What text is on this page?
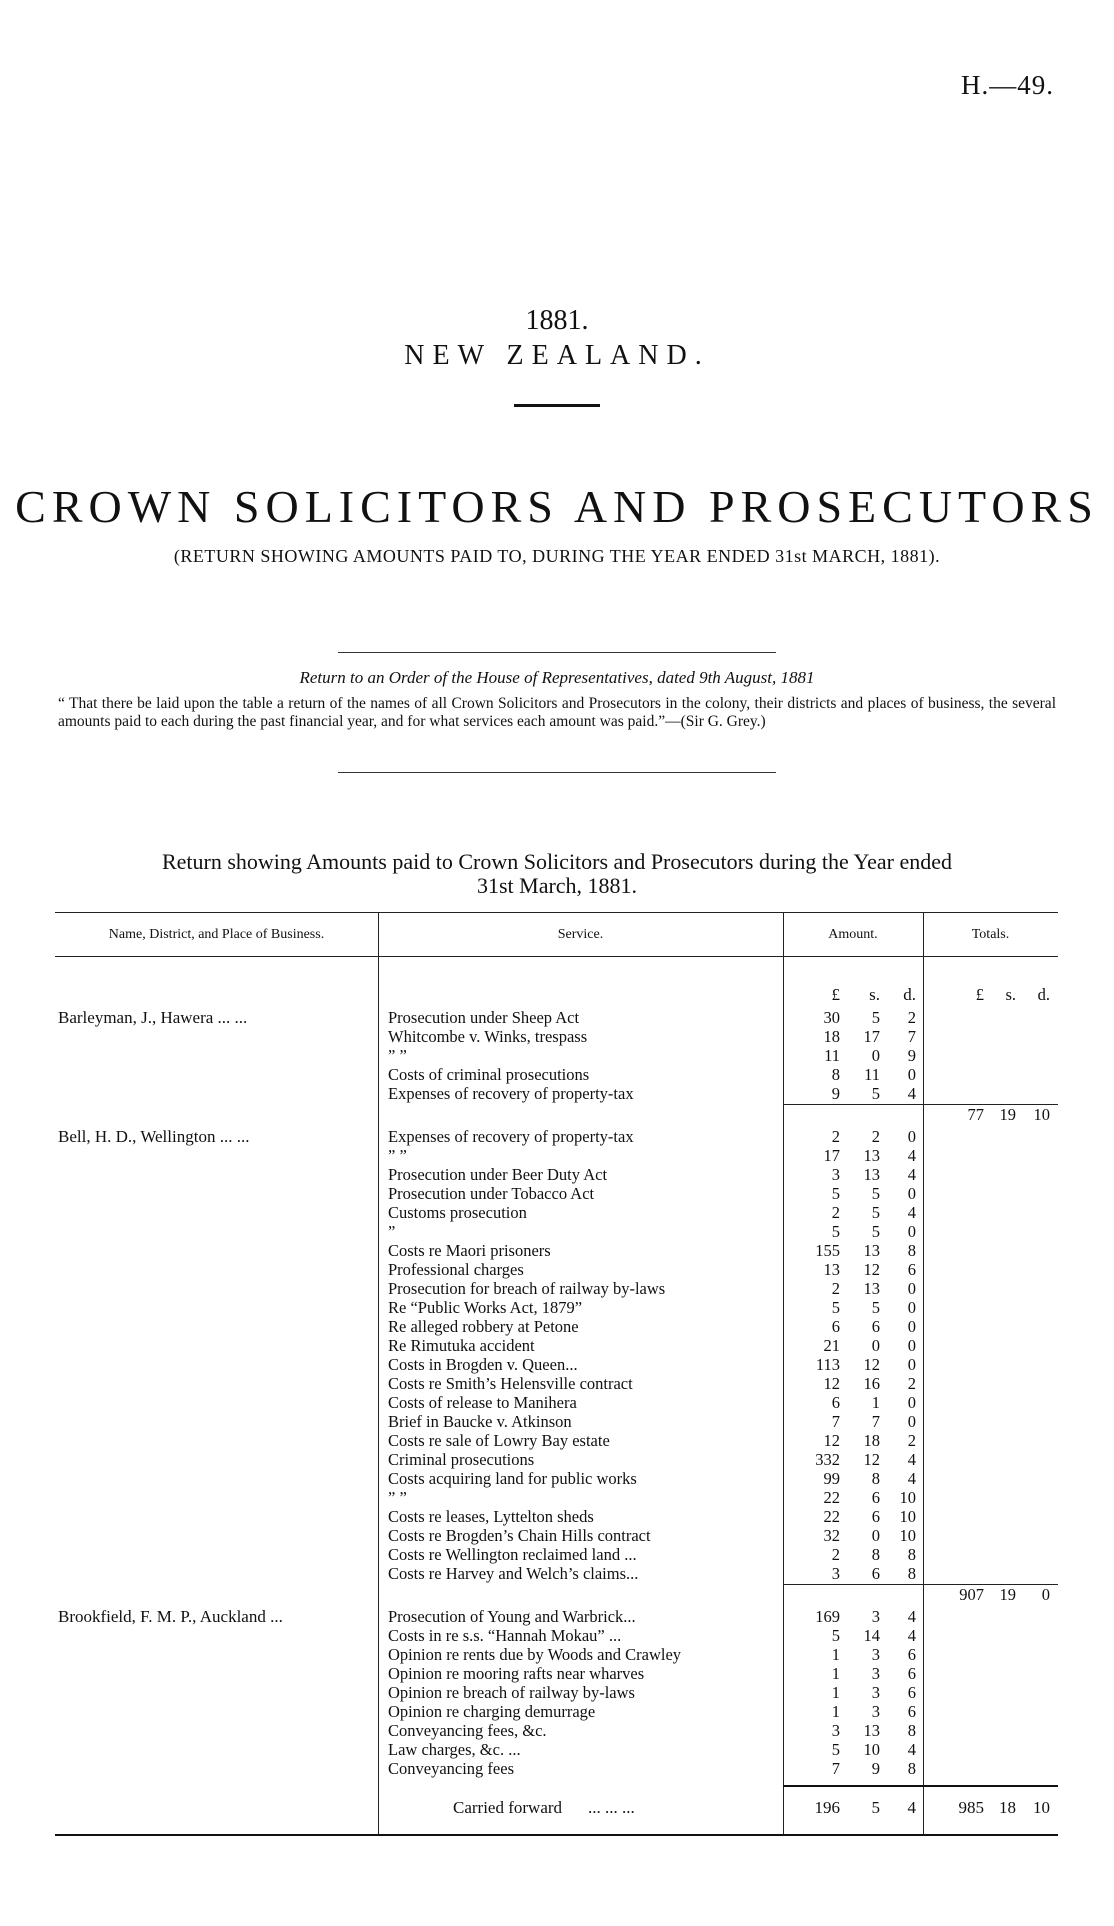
H.—49.
1881.
NEW ZEALAND.
CROWN SOLICITORS AND PROSECUTORS
(RETURN SHOWING AMOUNTS PAID TO, DURING THE YEAR ENDED 31st MARCH, 1881).
Return to an Order of the House of Representatives, dated 9th August, 1881
“ That there be laid upon the table a return of the names of all Crown Solicitors and Prosecutors in the colony, their districts and places of business, the several amounts paid to each during the past financial year, and for what services each amount was paid.”—(Sir G. Grey.)
Return showing Amounts paid to Crown Solicitors and Prosecutors during the Year ended
31st March, 1881.
Name, District, and Place of Business.	Service.	Amount.	Totals.
£	s.	d.	£	s.	d.
Barleyman, J., Hawera ... ...	Prosecution under Sheep Act	30	5	2
Whitcombe v. Winks, trespass	18	17	7
” ”	11	0	9
Costs of criminal prosecutions	8	11	0
Expenses of recovery of property-tax	9	5	4
77 19	10
Bell, H. D., Wellington ... ...	Expenses of recovery of property-tax	2	2	0
” ”	17	13	4
Prosecution under Beer Duty Act	3	13	4
Prosecution under Tobacco Act	5	5	0
Customs prosecution	2	5	4
”	5	5	0
Costs re Maori prisoners	155	13	8
Professional charges	13	12	6
Prosecution for breach of railway by-laws	2	13	0
Re “Public Works Act, 1879”	5	5	0
Re alleged robbery at Petone	6	6	0
Re Rimutuka accident	21	0	0
Costs in Brogden v. Queen...	113	12	0
Costs re Smith’s Helensville contract	12	16	2
Costs of release to Manihera	6	1	0
Brief in Baucke v. Atkinson	7	7	0
Costs re sale of Lowry Bay estate	12	18	2
Criminal prosecutions	332	12	4
Costs acquiring land for public works	99	8	4
” ”	22	6	10
Costs re leases, Lyttelton sheds	22	6	10
Costs re Brogden’s Chain Hills contract	32	0	10
Costs re Wellington reclaimed land ...	2	8	8
Costs re Harvey and Welch’s claims...	3	6	8
907 19	0
Brookfield, F. M. P., Auckland ...	Prosecution of Young and Warbrick...	169	3	4
Costs in re s.s. “Hannah Mokau” ...	5	14	4
Opinion re rents due by Woods and Crawley	1	3	6
Opinion re mooring rafts near wharves	1	3	6
Opinion re breach of railway by-laws	1	3	6
Opinion re charging demurrage	1	3	6
Conveyancing fees, &c.	3	13	8
Law charges, &c. ...	5	10	4
Conveyancing fees	7	9	8
Carried forward ... ... ...	196	5	4	985 18	10
